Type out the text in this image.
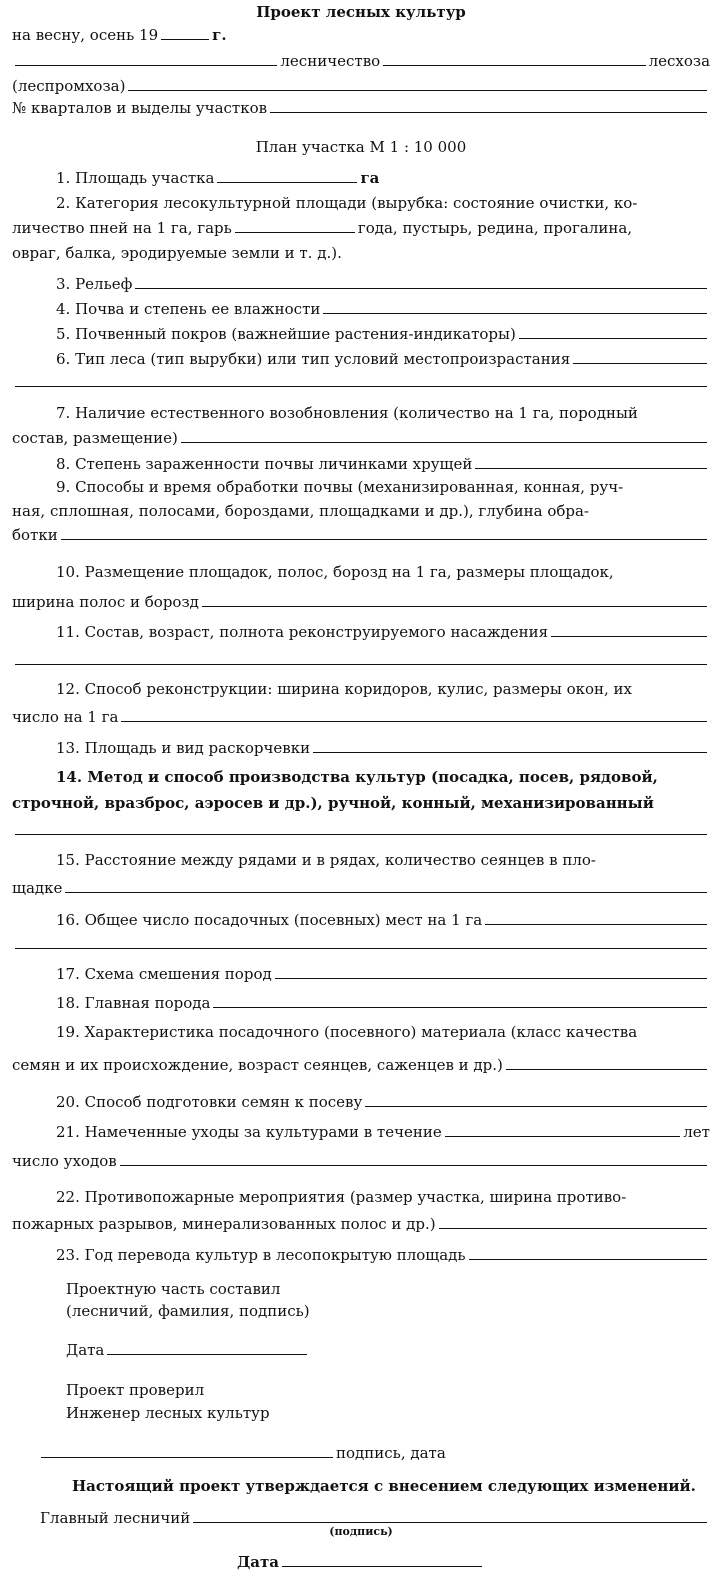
Проект лесных культур
на весну, осень 19	г.
лесничество	лесхоза
(леспромхоза)
№ кварталов и выделы участков
План участка М 1 : 10 000
1. Площадь участка	га
2. Категория лесокультурной площади (вырубка: состояние очистки, ко-
личество пней на 1 га, гарь	года, пустырь, редина, прогалина,
овраг, балка, эродируемые земли и т. д.).
3. Рельеф
4. Почва и степень ее влажности
5. Почвенный покров (важнейшие растения-индикаторы)
6. Тип леса (тип вырубки) или тип условий местопроизрастания
7. Наличие естественного возобновления (количество на 1 га, породный
состав, размещение)
8. Степень зараженности почвы личинками хрущей
9. Способы и время обработки почвы (механизированная, конная, руч-
ная, сплошная, полосами, бороздами, площадками и др.), глубина обра-
ботки
10. Размещение площадок, полос, борозд на 1 га, размеры площадок,
ширина полос и борозд
11. Состав, возраст, полнота реконструируемого насаждения
12. Способ реконструкции: ширина коридоров, кулис, размеры окон, их
число на 1 га
13. Площадь и вид раскорчевки
14. Метод и способ производства культур (посадка, посев, рядовой,
строчной, вразброс, аэросев и др.), ручной, конный, механизированный
15. Расстояние между рядами и в рядах, количество сеянцев в пло-
щадке
16. Общее число посадочных (посевных) мест на 1 га
17. Схема смешения пород
18. Главная порода
19. Характеристика посадочного (посевного) материала (класс качества
семян и их происхождение, возраст сеянцев, саженцев и др.)
20. Способ подготовки семян к посеву
21. Намеченные уходы за культурами в течение	лет
число уходов
22. Противопожарные мероприятия (размер участка, ширина противо-
пожарных разрывов, минерализованных полос и др.)
23. Год перевода культур в лесопокрытую площадь
Проектную часть составил
(лесничий, фамилия, подпись)
Дата
Проект проверил
Инженер лесных культур
подпись, дата
Настоящий проект утверждается с внесением следующих изменений.
Главный лесничий
(подпись)
Дата
